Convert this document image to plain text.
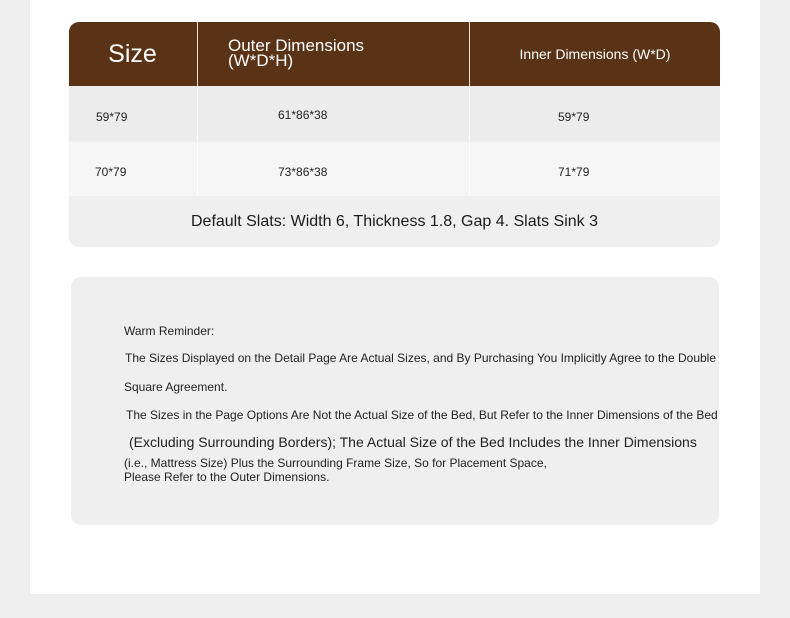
Size	Outer Dimensions (W*D*H)	Inner Dimensions (W*D)
59*79	61*86*38	59*79
70*79	73*86*38	71*79
Default Slats: Width 6, Thickness 1.8, Gap 4. Slats Sink 3
Warm Reminder:
The Sizes Displayed on the Detail Page Are Actual Sizes, and By Purchasing You Implicitly Agree to the Double
Square Agreement.
The Sizes in the Page Options Are Not the Actual Size of the Bed, But Refer to the Inner Dimensions of the Bed
(Excluding Surrounding Borders); The Actual Size of the Bed Includes the Inner Dimensions
(i.e., Mattress Size) Plus the Surrounding Frame Size, So for Placement Space,
Please Refer to the Outer Dimensions.
